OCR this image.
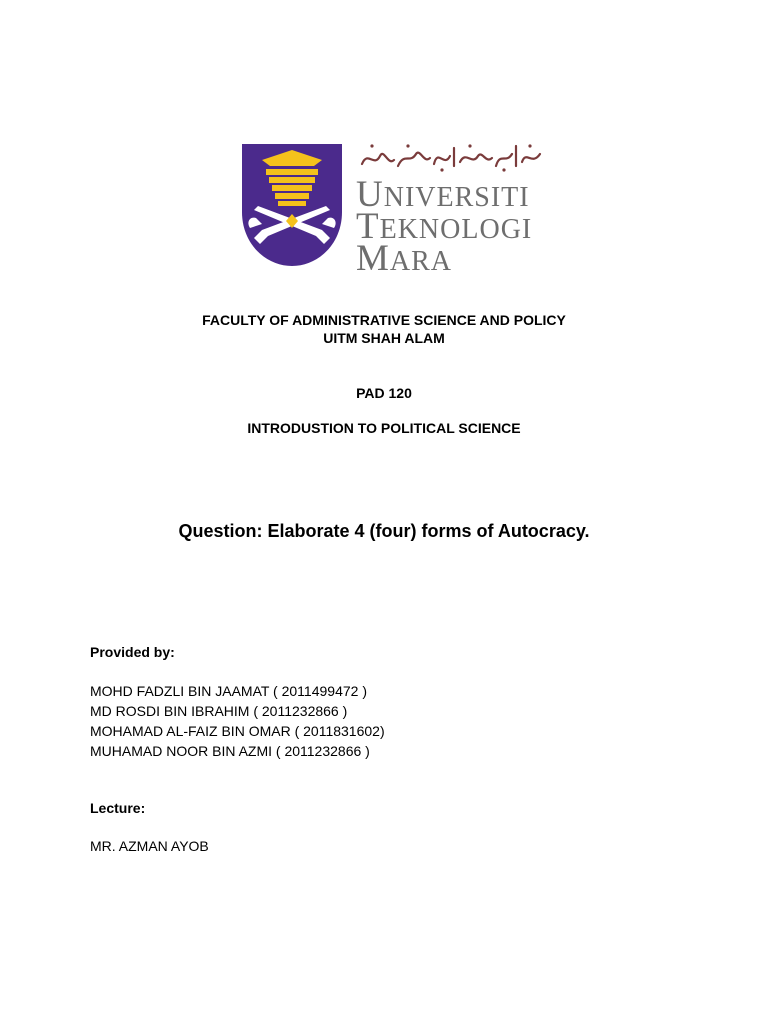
UNIVERSITI
TEKNOLOGI
MARA
FACULTY OF ADMINISTRATIVE SCIENCE AND POLICY
UITM SHAH ALAM
PAD 120
INTRODUSTION TO POLITICAL SCIENCE
Question: Elaborate 4 (four) forms of Autocracy.
Provided by:
MOHD FADZLI BIN JAAMAT ( 2011499472 )
MD ROSDI BIN IBRAHIM ( 2011232866 )
MOHAMAD AL-FAIZ BIN OMAR ( 2011831602)
MUHAMAD NOOR BIN AZMI ( 2011232866 )
Lecture:
MR. AZMAN AYOB
